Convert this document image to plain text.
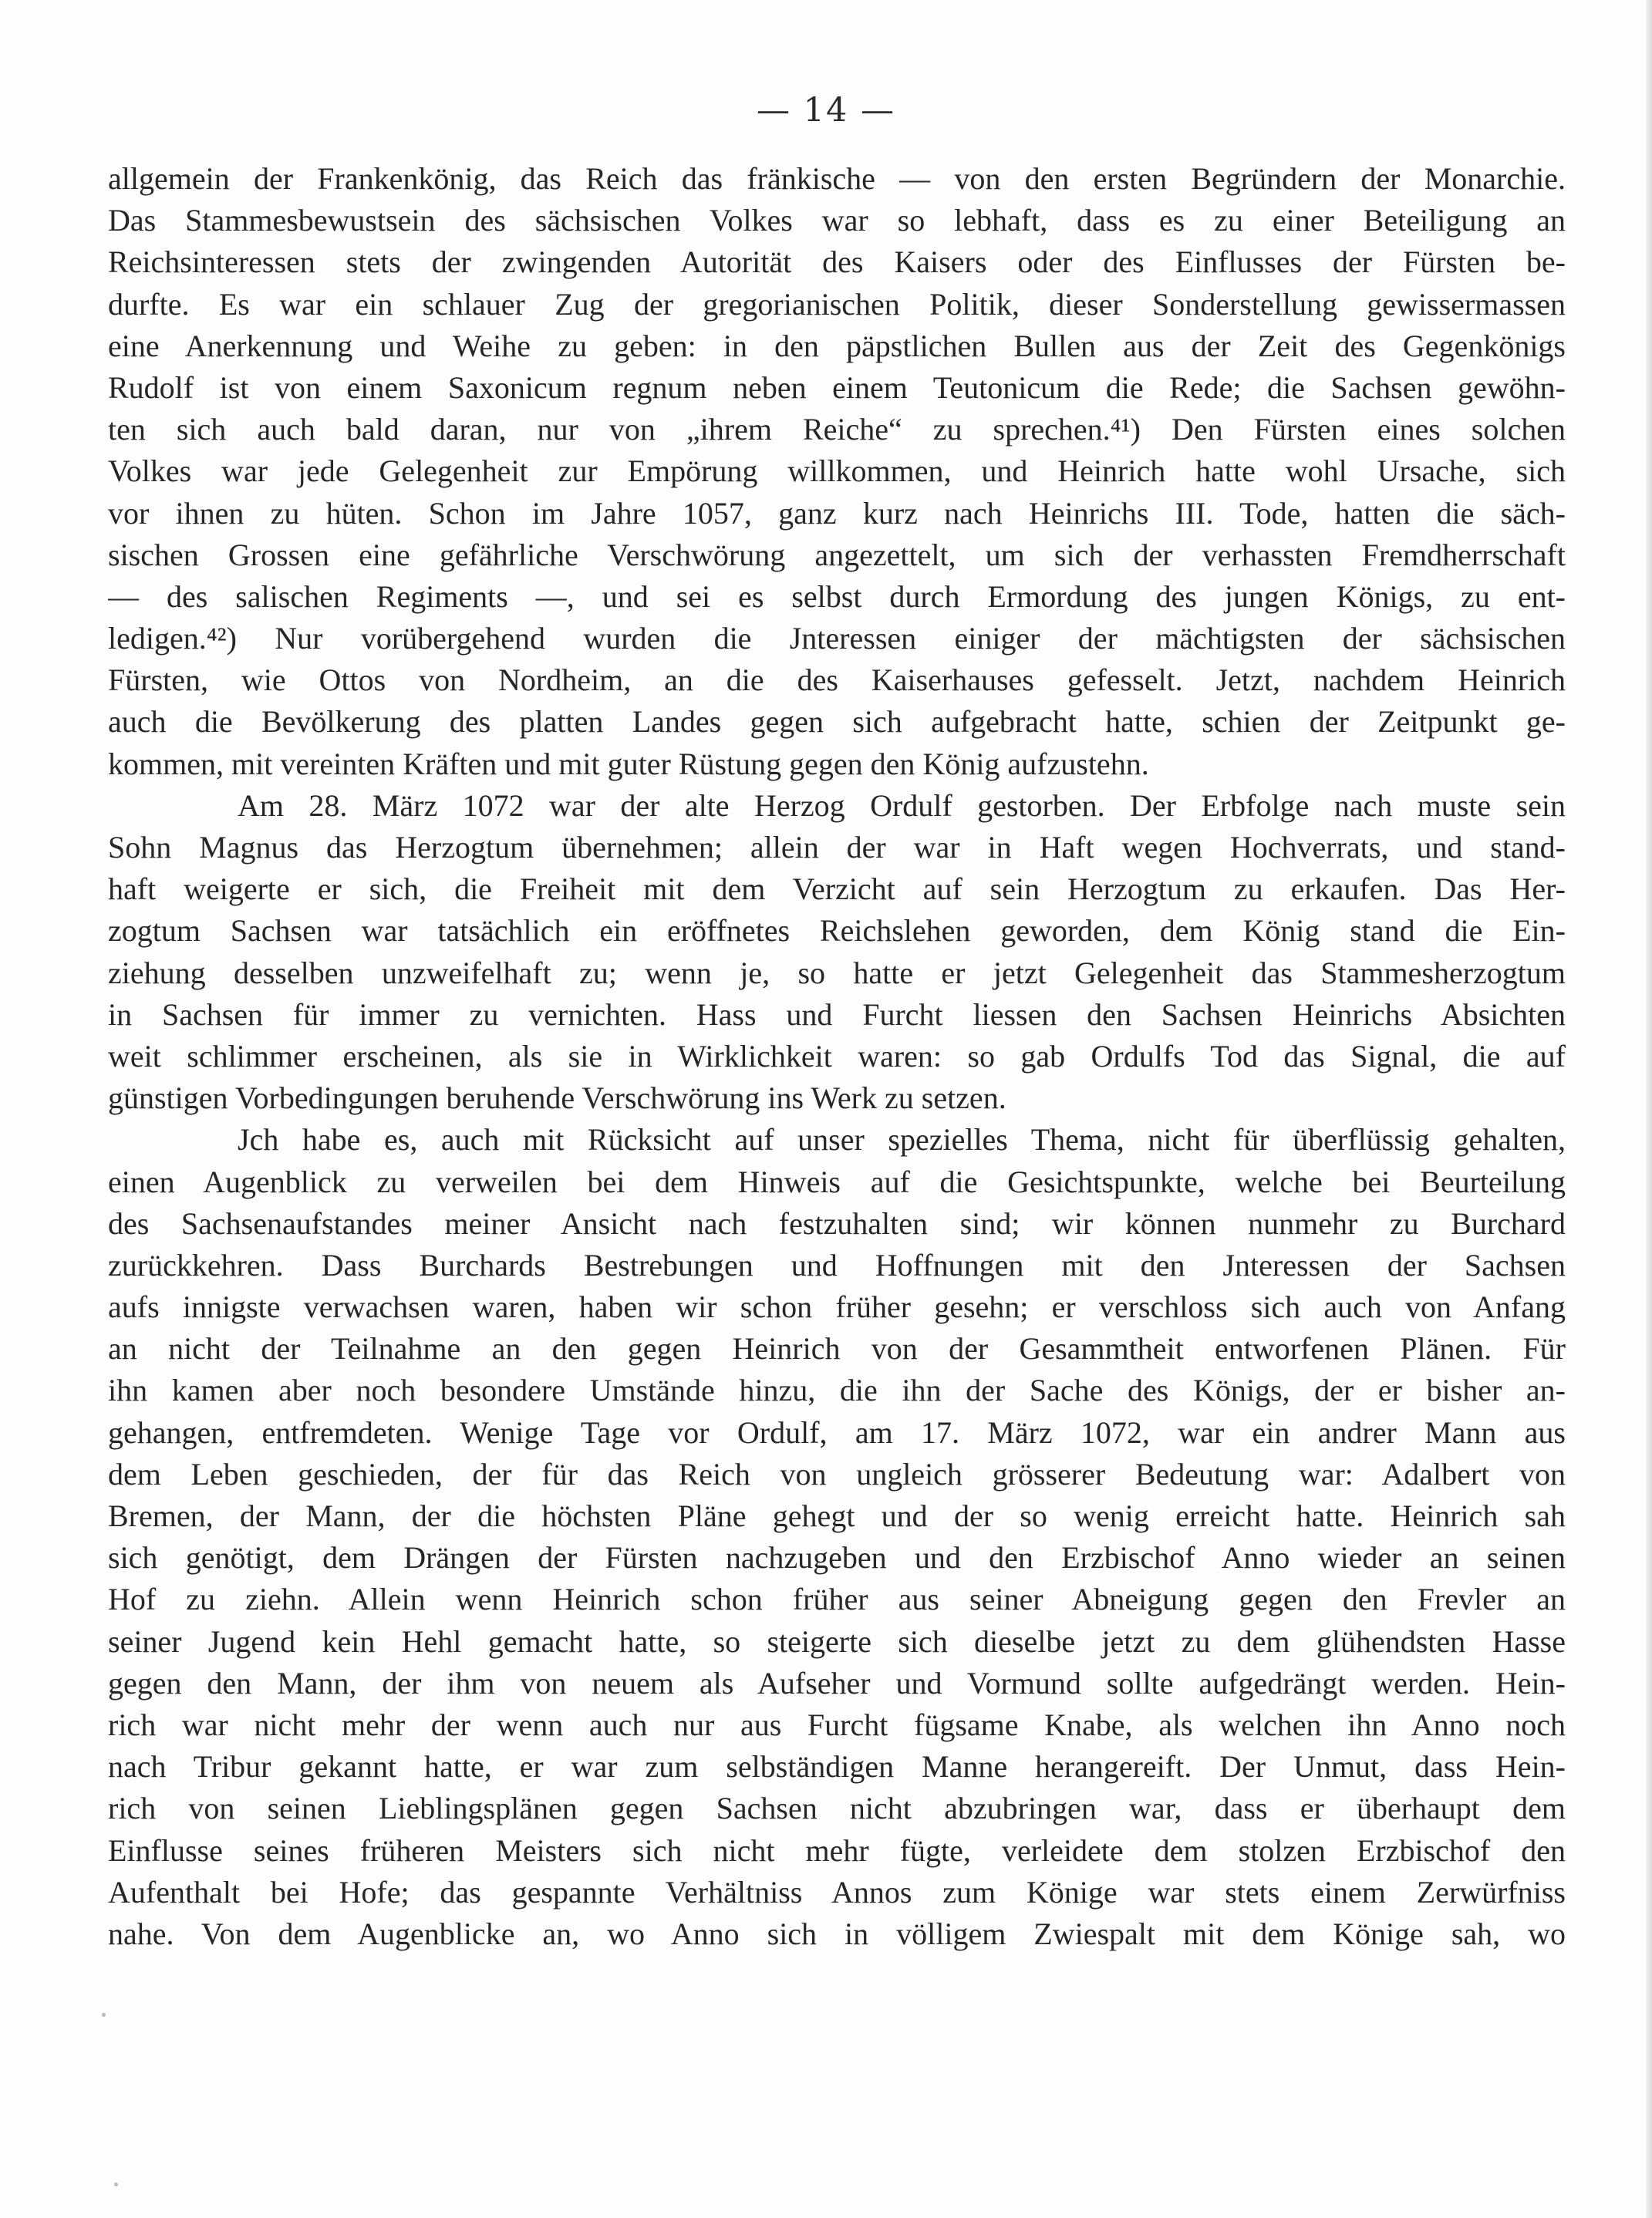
— 14 —
allgemein der Frankenkönig, das Reich das fränkische — von den ersten Begründern der Monarchie.
Das Stammesbewustsein des sächsischen Volkes war so lebhaft, dass es zu einer Beteiligung an
Reichsinteressen stets der zwingenden Autorität des Kaisers oder des Einflusses der Fürsten be-
durfte. Es war ein schlauer Zug der gregorianischen Politik, dieser Sonderstellung gewissermassen
eine Anerkennung und Weihe zu geben: in den päpstlichen Bullen aus der Zeit des Gegenkönigs
Rudolf ist von einem Saxonicum regnum neben einem Teutonicum die Rede; die Sachsen gewöhn-
ten sich auch bald daran, nur von „ihrem Reiche“ zu sprechen.⁴¹) Den Fürsten eines solchen
Volkes war jede Gelegenheit zur Empörung willkommen, und Heinrich hatte wohl Ursache, sich
vor ihnen zu hüten. Schon im Jahre 1057, ganz kurz nach Heinrichs III. Tode, hatten die säch-
sischen Grossen eine gefährliche Verschwörung angezettelt, um sich der verhassten Fremdherrschaft
— des salischen Regiments —, und sei es selbst durch Ermordung des jungen Königs, zu ent-
ledigen.⁴²) Nur vorübergehend wurden die Jnteressen einiger der mächtigsten der sächsischen
Fürsten, wie Ottos von Nordheim, an die des Kaiserhauses gefesselt. Jetzt, nachdem Heinrich
auch die Bevölkerung des platten Landes gegen sich aufgebracht hatte, schien der Zeitpunkt ge-
kommen, mit vereinten Kräften und mit guter Rüstung gegen den König aufzustehn.
Am 28. März 1072 war der alte Herzog Ordulf gestorben. Der Erbfolge nach muste sein
Sohn Magnus das Herzogtum übernehmen; allein der war in Haft wegen Hochverrats, und stand-
haft weigerte er sich, die Freiheit mit dem Verzicht auf sein Herzogtum zu erkaufen. Das Her-
zogtum Sachsen war tatsächlich ein eröffnetes Reichslehen geworden, dem König stand die Ein-
ziehung desselben unzweifelhaft zu; wenn je, so hatte er jetzt Gelegenheit das Stammesherzogtum
in Sachsen für immer zu vernichten. Hass und Furcht liessen den Sachsen Heinrichs Absichten
weit schlimmer erscheinen, als sie in Wirklichkeit waren: so gab Ordulfs Tod das Signal, die auf
günstigen Vorbedingungen beruhende Verschwörung ins Werk zu setzen.
Jch habe es, auch mit Rücksicht auf unser spezielles Thema, nicht für überflüssig gehalten,
einen Augenblick zu verweilen bei dem Hinweis auf die Gesichtspunkte, welche bei Beurteilung
des Sachsenaufstandes meiner Ansicht nach festzuhalten sind; wir können nunmehr zu Burchard
zurückkehren. Dass Burchards Bestrebungen und Hoffnungen mit den Jnteressen der Sachsen
aufs innigste verwachsen waren, haben wir schon früher gesehn; er verschloss sich auch von Anfang
an nicht der Teilnahme an den gegen Heinrich von der Gesammtheit entworfenen Plänen. Für
ihn kamen aber noch besondere Umstände hinzu, die ihn der Sache des Königs, der er bisher an-
gehangen, entfremdeten. Wenige Tage vor Ordulf, am 17. März 1072, war ein andrer Mann aus
dem Leben geschieden, der für das Reich von ungleich grösserer Bedeutung war: Adalbert von
Bremen, der Mann, der die höchsten Pläne gehegt und der so wenig erreicht hatte. Heinrich sah
sich genötigt, dem Drängen der Fürsten nachzugeben und den Erzbischof Anno wieder an seinen
Hof zu ziehn. Allein wenn Heinrich schon früher aus seiner Abneigung gegen den Frevler an
seiner Jugend kein Hehl gemacht hatte, so steigerte sich dieselbe jetzt zu dem glühendsten Hasse
gegen den Mann, der ihm von neuem als Aufseher und Vormund sollte aufgedrängt werden. Hein-
rich war nicht mehr der wenn auch nur aus Furcht fügsame Knabe, als welchen ihn Anno noch
nach Tribur gekannt hatte, er war zum selbständigen Manne herangereift. Der Unmut, dass Hein-
rich von seinen Lieblingsplänen gegen Sachsen nicht abzubringen war, dass er überhaupt dem
Einflusse seines früheren Meisters sich nicht mehr fügte, verleidete dem stolzen Erzbischof den
Aufenthalt bei Hofe; das gespannte Verhältniss Annos zum Könige war stets einem Zerwürfniss
nahe. Von dem Augenblicke an, wo Anno sich in völligem Zwiespalt mit dem Könige sah, wo
